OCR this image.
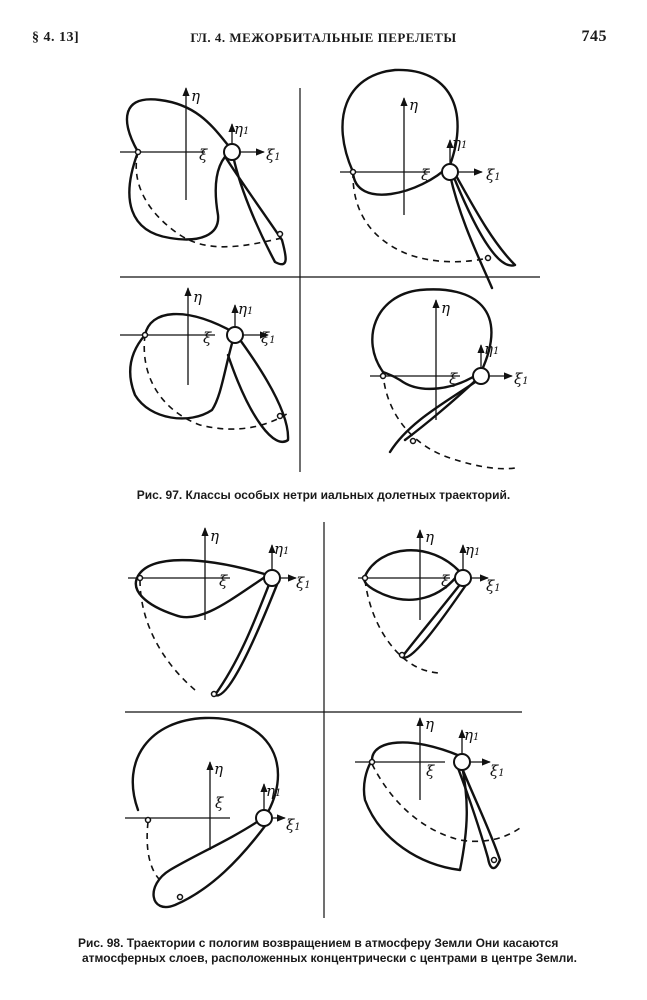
§ 4. 13]	ГЛ. 4. МЕЖОРБИТАЛЬНЫЕ ПЕРЕЛЕТЫ	745
η
ξ
η1
ξ1
η
ξ
η1
ξ1
η
ξ
η1
ξ1
η
ξ
η1
ξ1
η
ξ
η1
ξ1
η
ξ
η1
ξ1
η
ξ
η1
ξ1
η
ξ
η1
ξ1
Рис. 97. Классы особых нетри иальных долетных траекторий.
Рис. 98. Траектории с пологим возвращением в атмосферу Земли Они касаются атмосферных слоев, расположенных концентрически с центрами в центре Земли.
